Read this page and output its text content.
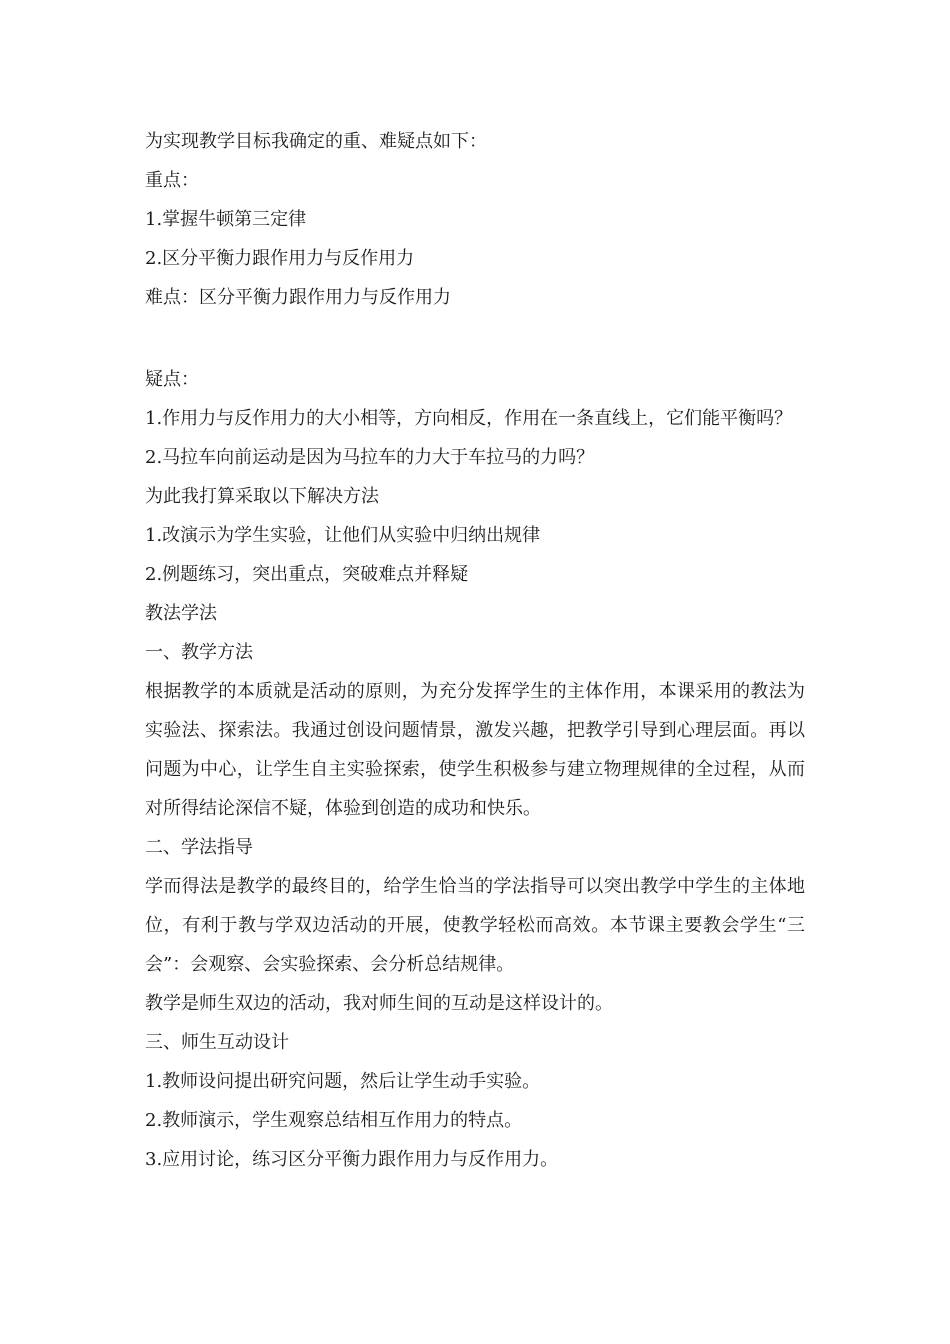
为实现教学目标我确定的重、难疑点如下：

重点：

1.掌握牛顿第三定律

2.区分平衡力跟作用力与反作用力

难点：区分平衡力跟作用力与反作用力

疑点：

1.作用力与反作用力的大小相等，方向相反，作用在一条直线上，它们能平衡吗？

2.马拉车向前运动是因为马拉车的力大于车拉马的力吗？

为此我打算采取以下解决方法

1.改演示为学生实验，让他们从实验中归纳出规律

2.例题练习，突出重点，突破难点并释疑

教法学法

一、教学方法

根据教学的本质就是活动的原则，为充分发挥学生的主体作用，本课采用的教法为实验法、探索法。我通过创设问题情景，激发兴趣，把教学引导到心理层面。再以问题为中心，让学生自主实验探索，使学生积极参与建立物理规律的全过程，从而对所得结论深信不疑，体验到创造的成功和快乐。

二、学法指导

学而得法是教学的最终目的，给学生恰当的学法指导可以突出教学中学生的主体地位，有利于教与学双边活动的开展，使教学轻松而高效。本节课主要教会学生“三会”：会观察、会实验探索、会分析总结规律。

教学是师生双边的活动，我对师生间的互动是这样设计的。

三、师生互动设计

1.教师设问提出研究问题，然后让学生动手实验。

2.教师演示，学生观察总结相互作用力的特点。

3.应用讨论，练习区分平衡力跟作用力与反作用力。
